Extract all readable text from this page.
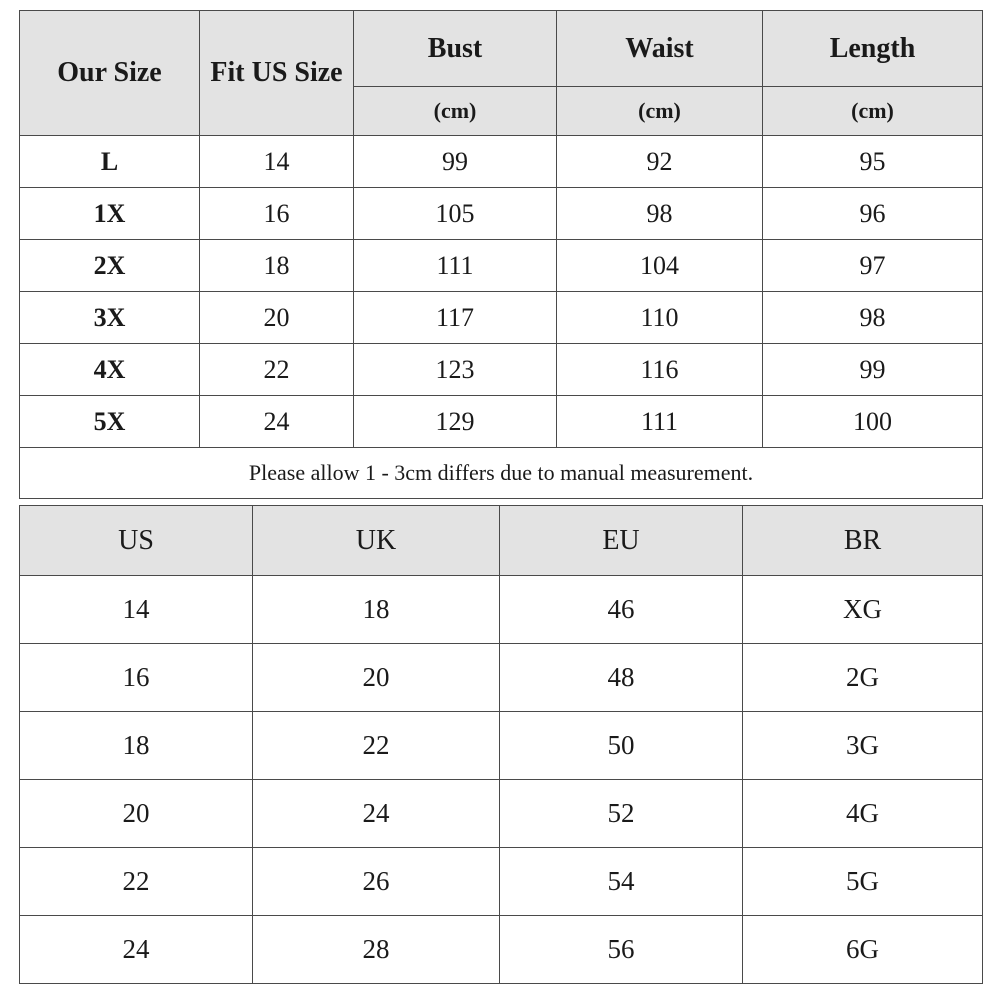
Our Size	Fit US Size	Bust	Waist	Length
		(cm)	(cm)	(cm)
L	14	99	92	95
1X	16	105	98	96
2X	18	111	104	97
3X	20	117	110	98
4X	22	123	116	99
5X	24	129	111	100
Please allow 1 - 3cm differs due to manual measurement.				
US	UK	EU	BR
14	18	46	XG
16	20	48	2G
18	22	50	3G
20	24	52	4G
22	26	54	5G
24	28	56	6G
